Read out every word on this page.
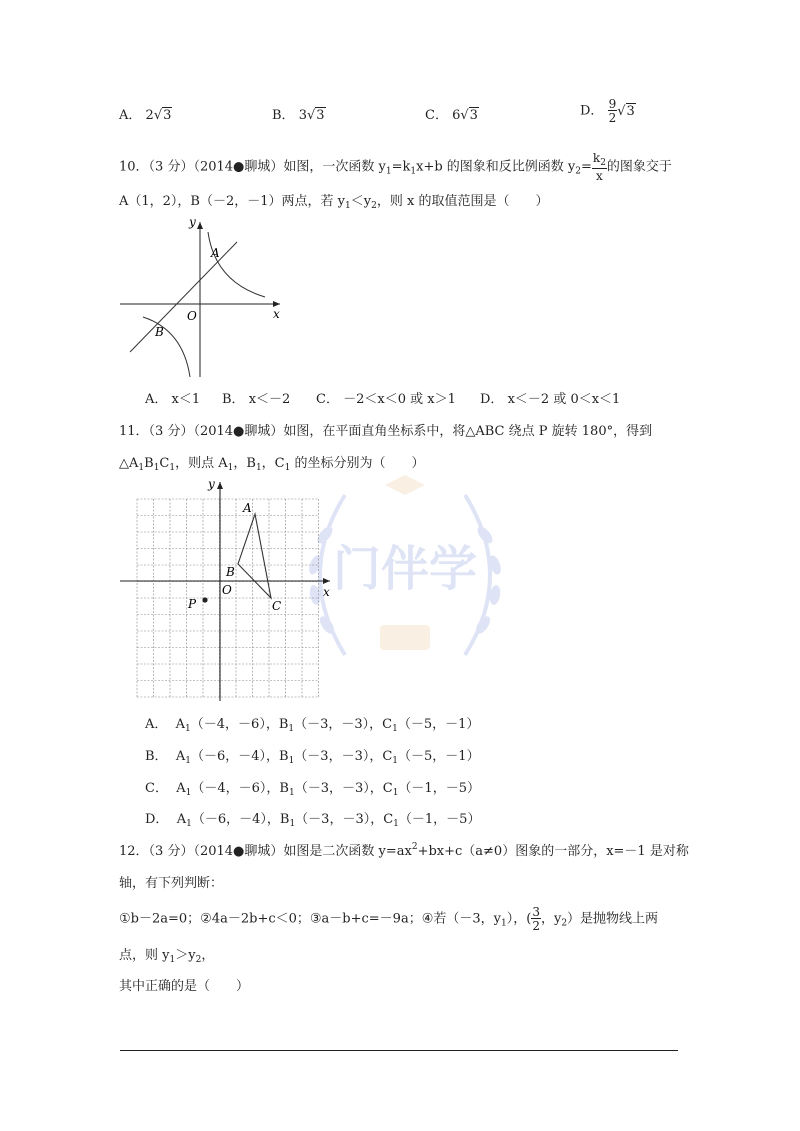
门伴学
A． 2√3	B． 3√3	C． 6√3	D． $\frac{9}{2} √3$
10．（3 分）（2014●聊城）如图，一次函数 $y_1=k_1x+b$ 的图象和反比例函数 $y_2= \frac{k_2}{x}$ 的图象交于
A（1，2），B（－2，－1）两点，若 $y_1<y_2$，则 x 的取值范围是（　　）
y
x
O
A
B
A． x＜1 B． x＜－2 C． －2＜x＜0 或 x＞1 D． x＜－2 或 0＜x＜1
11．（3 分）（2014●聊城）如图，在平面直角坐标系中，将△ABC 绕点 P 旋转 180°，得到
$\triangle A_1B_1C_1$，则点 $A_1$，$B_1$，$C_1$ 的坐标分别为（　　）
y
x
O
A
B
C
P
A． $A_1(-4$，－6），$B_1(-3$，－3），$C_1(-5$，－1）
B． $A_1(-6$，－4），$B_1(-3$，－3），$C_1(-5$，－1）
C． $A_1(-4$，－6），$B_1(-3$，－3），$C_1(-1$，－5）
D． $A_1(-6$，－4），$B_1(-3$，－3），$C_1(-1$，－5）
12．（3 分）（2014●聊城）如图是二次函数 $y=ax^2+bx+c(a\ne 0)$图象的一部分，x=－1 是对称
轴，有下列判断：
①b－2a=0；②4a－2b+c＜0；③a－b+c=－9a；④若（－3，$y_1$），( $\frac{3}{2}$ ，$y_2$）是抛物线上两
点，则 $y_1>y_2$，
其中正确的是（　　）
